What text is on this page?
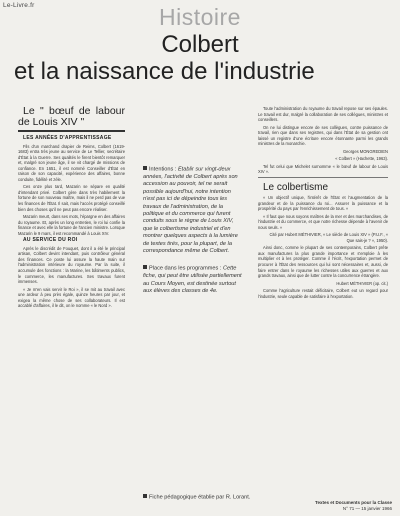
Le-Livre.fr	Histoire
Colbert
et la naissance de l'industrie

Le " bœuf de labour de Louis XIV "

LES ANNÉES D'APPRENTISSAGE

Fils d'un marchand drapier de Reims, Colbert (1619-1683) entra très jeune au service de Le Tellier, secrétaire d'État à la Guerre. Ses qualités le firent bientôt remarquer et, malgré son jeune âge, il se vit chargé de missions de confiance. En 1651, il est nommé Conseiller d'État en raison de son capacité, expérience des affaires, bonne conduite, fidélité et zèle.

Ces onze plus tard, Mazarin se sépare en qualité d'intendant privé. Colbert gère dans très habilement la fortune de son nouveau maître, mais il ne perd pas de vue les finances de l'État. Il sait, mais l'accès protégé conseillé bien des choses qu'il ne peut pas encore réaliser.

Mazarin meurt, dans ses mots, l'épargne en des affaires du royaume. Et, après un long entretien, le roi lui confie la finance et avec elle la fortune de l'ancien ministre. Lorsque Mazarin le 9 mars, il est recommandé à Louis XIV.

AU SERVICE DU ROI

Après le discrédit de Fouquet, dont il a été le principal artisan, Colbert devint intendant, puis contrôleur général des finances. Ce poste lui assure la haute main sur l'administration intérieure du royaume. Par la suite, il accumule des fonctions : la Marine, les bâtiments publics, le commerce, les manufactures. Ses travaux furent immenses.

« Je m'en vais servir le Roi », il se mit au travail avec une ardeur à peu près égale, quinze heures par jour, et exigea la même chose de ses collaborateurs. Il est accablé d'affaires, il le dit, on le nomme « le Nord ».

Intentions : Établir sur vingt-deux années, l'activité de Colbert après son accession au pouvoir, tel ne serait possible aujourd'hui, notre intention n'est pas ici de dépeindre tous les travaux de l'administration, de la politique et du commerce qui furent conduits sous le règne de Louis XIV, que le colbertisme industriel et d'en montrer quelques aspects à la lumière de textes tirés, pour la plupart, de la correspondance même de Colbert.
Place dans les programmes : Cette fiche, qui peut être utilisée partiellement au Cours Moyen, est destinée surtout aux élèves des classes de 4e.
Fiche pédagogique établie par R. Lorant.

Toute l'administration du royaume du travail repose sur ses épaules. Le travail est dur, malgré la collaboration de ses collègues, ministres et conseillers.

On ne lui distingue encore de ses collègues, contre puissance de travail, rien que dans ses registres, qui dans l'État de sa gestion ont laissé un registre d'une écriture encore étonnante parmi les grands ministres de la monarchie.

Georges MONGREDIEN

« Colbert » (Hachette, 1963).

Tel fut celui que Michelet surnomme « le bœuf de labour de Louis XIV ».

Le colbertisme

« Un objectif unique, l'intérêt de l'État et l'augmentation de la grandeur et de la puissance du roi... Assurer la puissance et la prospérité du pays par l'enrichissement de tous. »

« Il faut que nous soyons maîtres de la mer et des marchandises, de l'industrie et du commerce, et que notre richesse dépende à l'avenir de nous seuls. »

Cité par Hubert MÉTHIVIER, « Le siècle de Louis XIV » (P.U.F., « Que sais-je ? », 1950).

Ainsi donc, comme le plupart de ses contemporains, Colbert prête aux manufactures la plus grande importance et s'emploie à les multiplier et à les protéger. Comme il l'écrit, l'exportation permet de procurer à l'État des ressources qui lui sont nécessaires et, aussi, de faire entrer dans le royaume les richesses utiles aux guerres et aux grands travaux, ainsi que de lutter contre la concurrence étrangère.

Hubert MÉTHIVIER (op. cit.)

Comme l'agriculture restait déficitaire, Colbert eut un regard pour l'industrie, seule capable de satisfaire à l'exportation.

Textes et Documents pour la Classe
N° 71 — 15 janvier 1966
